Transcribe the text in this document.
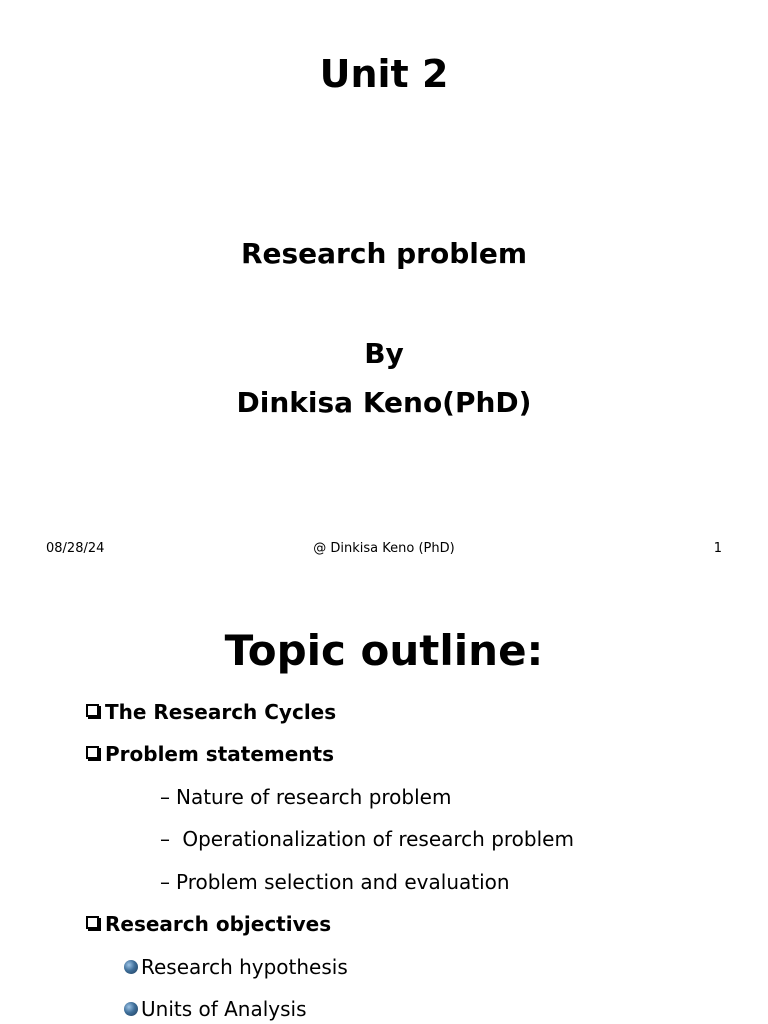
Unit 2
Research problem
By
Dinkisa Keno(PhD)
08/28/24	@ Dinkisa Keno (PhD)	1
Topic outline:
The Research Cycles
Problem statements
– Nature of research problem
– Operationalization of research problem
– Problem selection and evaluation
Research objectives
Research hypothesis
Units of Analysis
